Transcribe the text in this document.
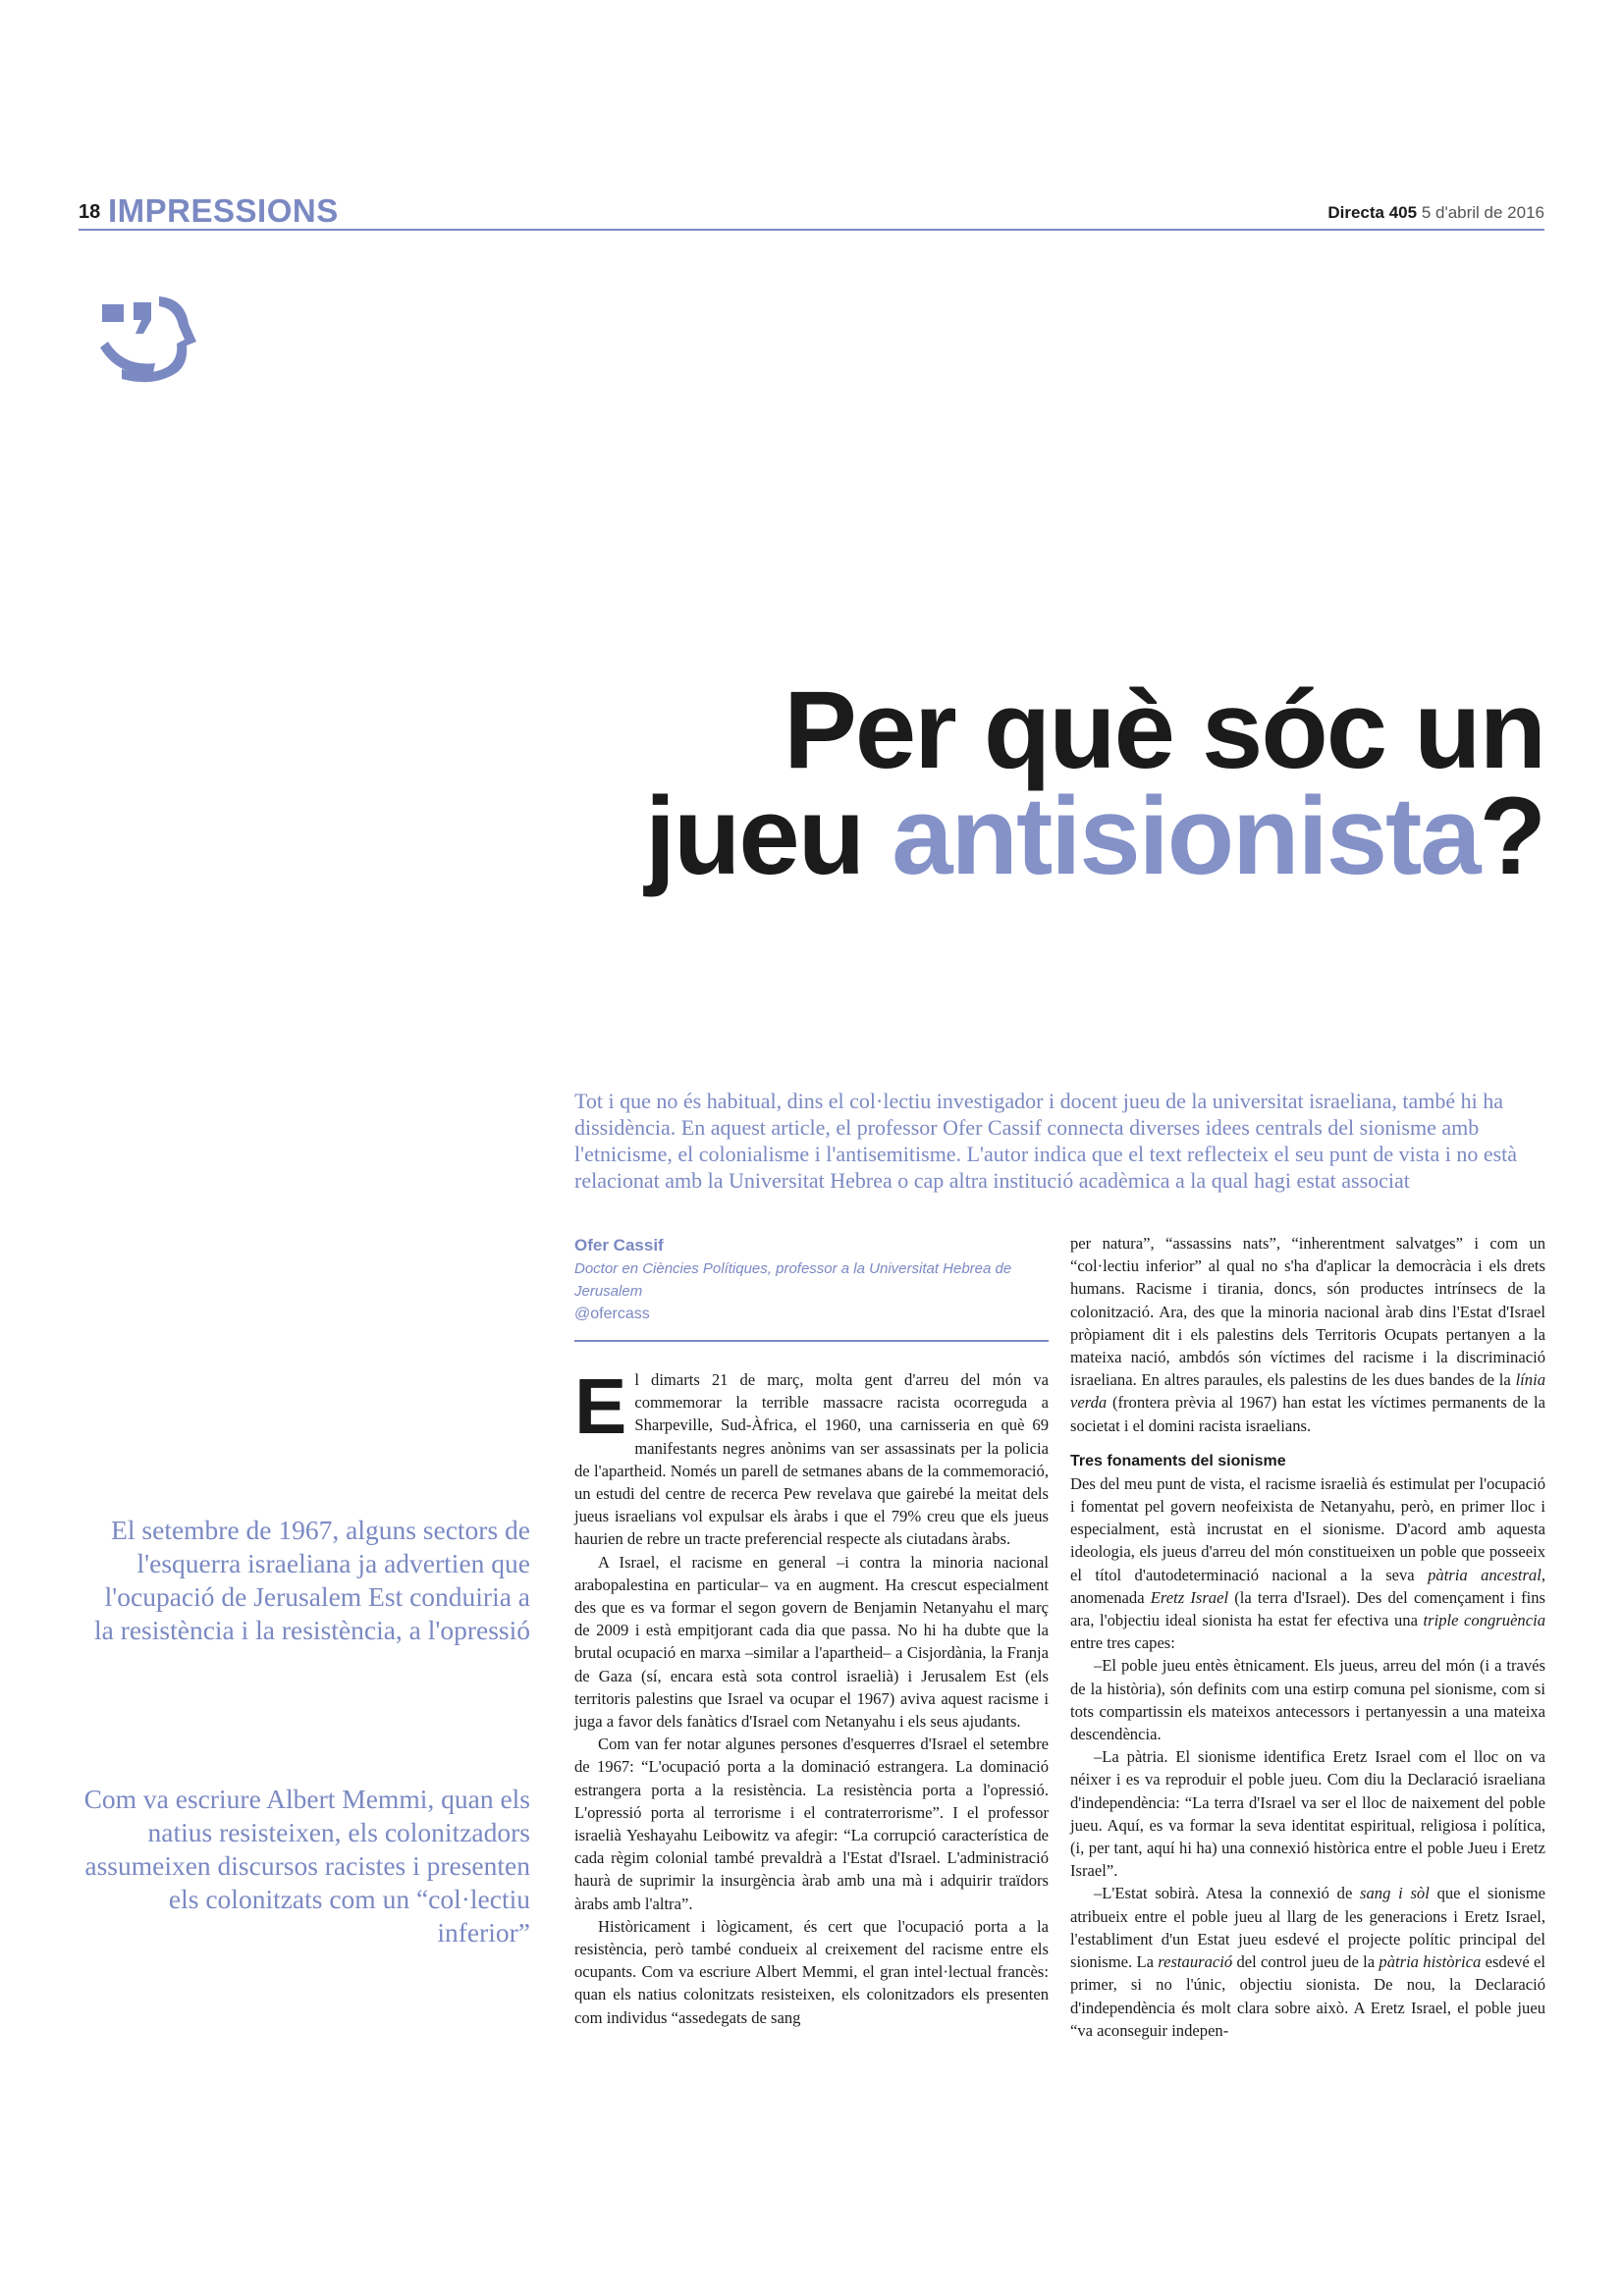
18 IMPRESSIONS	Directa 405 5 d'abril de 2016
Per què sóc un
jueu antisionista?
Tot i que no és habitual, dins el col·lectiu investigador i docent jueu de la universitat israeliana, també hi ha dissidència. En aquest article, el professor Ofer Cassif connecta diverses idees centrals del sionisme amb l'etnicisme, el colonialisme i l'antisemitisme. L'autor indica que el text reflecteix el seu punt de vista i no està relacionat amb la Universitat Hebrea o cap altra institució acadèmica a la qual hagi estat associat
Ofer Cassif
Doctor en Ciències Polítiques, professor a la Universitat Hebrea de Jerusalem
@ofercass
El setembre de 1967, alguns sectors de l'esquerra israeliana ja advertien que l'ocupació de Jerusalem Est conduiria a la resistència i la resistència, a l'opressió
Com va escriure Albert Memmi, quan els natius resisteixen, els colonitzadors assumeixen discursos racistes i presenten els colonitzats com un “col·lectiu inferior”

El dimarts 21 de març, molta gent d'arreu del món va commemorar la terrible massacre racista ocorreguda a Sharpeville, Sud-Àfrica, el 1960, una carnisseria en què 69 manifestants negres anònims van ser assassinats per la policia de l'apartheid. Només un parell de setmanes abans de la commemoració, un estudi del centre de recerca Pew revelava que gairebé la meitat dels jueus israelians vol expulsar els àrabs i que el 79% creu que els jueus haurien de rebre un tracte preferencial respecte als ciutadans àrabs.

A Israel, el racisme en general –i contra la minoria nacional arabopalestina en particular– va en augment. Ha crescut especialment des que es va formar el segon govern de Benjamin Netanyahu el març de 2009 i està empitjorant cada dia que passa. No hi ha dubte que la brutal ocupació en marxa –similar a l'apartheid– a Cisjordània, la Franja de Gaza (sí, encara està sota control israelià) i Jerusalem Est (els territoris palestins que Israel va ocupar el 1967) aviva aquest racisme i juga a favor dels fanàtics d'Israel com Netanyahu i els seus ajudants.

Com van fer notar algunes persones d'esquerres d'Israel el setembre de 1967: “L'ocupació porta a la dominació estrangera. La dominació estrangera porta a la resistència. La resistència porta a l'opressió. L'opressió porta al terrorisme i el contraterrorisme”. I el professor israelià Yeshayahu Leibowitz va afegir: “La corrupció característica de cada règim colonial també prevaldrà a l'Estat d'Israel. L'administració haurà de suprimir la insurgència àrab amb una mà i adquirir traïdors àrabs amb l'altra”.

Històricament i lògicament, és cert que l'ocupació porta a la resistència, però també condueix al creixement del racisme entre els ocupants. Com va escriure Albert Memmi, el gran intel·lectual francès: quan els natius colonitzats resisteixen, els colonitzadors els presenten com individus “assedegats de sang

per natura”, “assassins nats”, “inherentment salvatges” i com un “col·lectiu inferior” al qual no s'ha d'aplicar la democràcia i els drets humans. Racisme i tirania, doncs, són productes intrínsecs de la colonització. Ara, des que la minoria nacional àrab dins l'Estat d'Israel pròpiament dit i els palestins dels Territoris Ocupats pertanyen a la mateixa nació, ambdós són víctimes del racisme i la discriminació israeliana. En altres paraules, els palestins de les dues bandes de la línia verda (frontera prèvia al 1967) han estat les víctimes permanents de la societat i el domini racista israelians.

Tres fonaments del sionisme

Des del meu punt de vista, el racisme israelià és estimulat per l'ocupació i fomentat pel govern neofeixista de Netanyahu, però, en primer lloc i especialment, està incrustat en el sionisme. D'acord amb aquesta ideologia, els jueus d'arreu del món constitueixen un poble que posseeix el títol d'autodeterminació nacional a la seva pàtria ancestral, anomenada Eretz Israel (la terra d'Israel). Des del començament i fins ara, l'objectiu ideal sionista ha estat fer efectiva una triple congruència entre tres capes:

–El poble jueu entès ètnicament. Els jueus, arreu del món (i a través de la història), són definits com una estirp comuna pel sionisme, com si tots compartissin els mateixos antecessors i pertanyessin a una mateixa descendència.

–La pàtria. El sionisme identifica Eretz Israel com el lloc on va néixer i es va reproduir el poble jueu. Com diu la Declaració israeliana d'independència: “La terra d'Israel va ser el lloc de naixement del poble jueu. Aquí, es va formar la seva identitat espiritual, religiosa i política, (i, per tant, aquí hi ha) una connexió històrica entre el poble Jueu i Eretz Israel”.

–L'Estat sobirà. Atesa la connexió de sang i sòl que el sionisme atribueix entre el poble jueu al llarg de les generacions i Eretz Israel, l'establiment d'un Estat jueu esdevé el projecte polític principal del sionisme. La restauració del control jueu de la pàtria històrica esdevé el primer, si no l'únic, objectiu sionista. De nou, la Declaració d'independència és molt clara sobre això. A Eretz Israel, el poble jueu “va aconseguir indepen-
